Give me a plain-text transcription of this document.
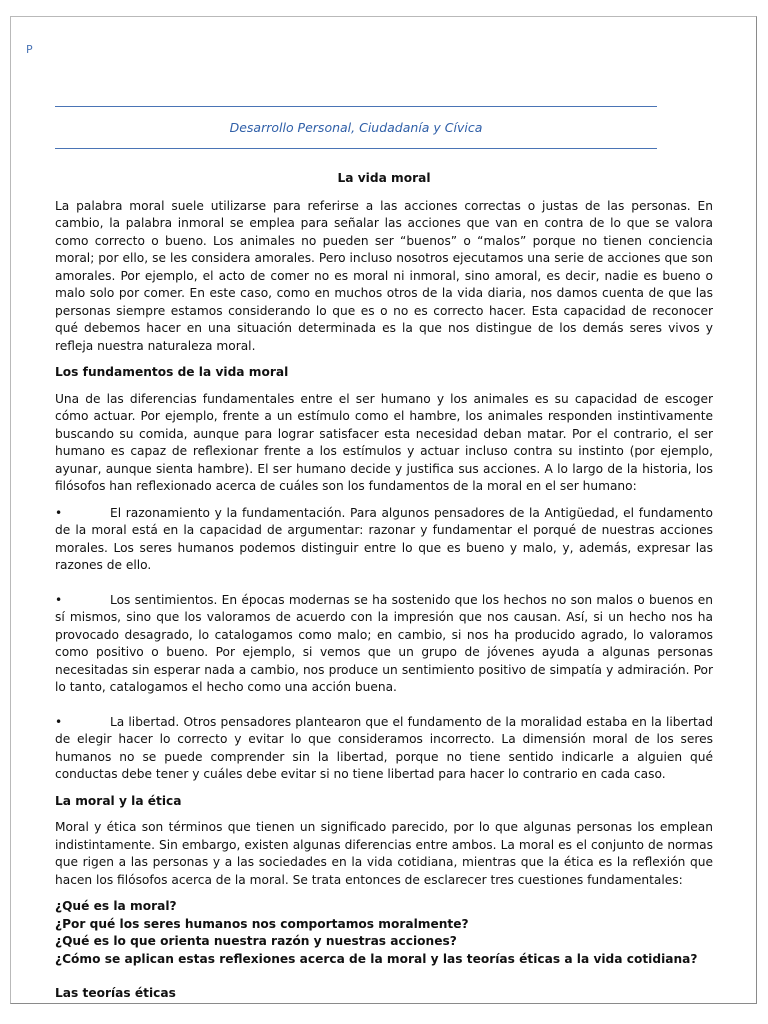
P
Desarrollo Personal, Ciudadanía y Cívica
La vida moral

La palabra moral suele utilizarse para referirse a las acciones correctas o justas de las personas. En cambio, la palabra inmoral se emplea para señalar las acciones que van en contra de lo que se valora como correcto o bueno. Los animales no pueden ser “buenos” o “malos” porque no tienen conciencia moral; por ello, se les considera amorales. Pero incluso nosotros ejecutamos una serie de acciones que son amorales. Por ejemplo, el acto de comer no es moral ni inmoral, sino amoral, es decir, nadie es bueno o malo solo por comer. En este caso, como en muchos otros de la vida diaria, nos damos cuenta de que las personas siempre estamos considerando lo que es o no es correcto hacer. Esta capacidad de reconocer qué debemos hacer en una situación determinada es la que nos distingue de los demás seres vivos y refleja nuestra naturaleza moral.

Los fundamentos de la vida moral

Una de las diferencias fundamentales entre el ser humano y los animales es su capacidad de escoger cómo actuar. Por ejemplo, frente a un estímulo como el hambre, los animales responden instintivamente buscando su comida, aunque para lograr satisfacer esta necesidad deban matar. Por el contrario, el ser humano es capaz de reflexionar frente a los estímulos y actuar incluso contra su instinto (por ejemplo, ayunar, aunque sienta hambre). El ser humano decide y justifica sus acciones. A lo largo de la historia, los filósofos han reflexionado acerca de cuáles son los fundamentos de la moral en el ser humano:

•	El razonamiento y la fundamentación. Para algunos pensadores de la Antigüedad, el fundamento de la moral está en la capacidad de argumentar: razonar y fundamentar el porqué de nuestras acciones morales. Los seres humanos podemos distinguir entre lo que es bueno y malo, y, además, expresar las razones de ello.
•	Los sentimientos. En épocas modernas se ha sostenido que los hechos no son malos o buenos en sí mismos, sino que los valoramos de acuerdo con la impresión que nos causan. Así, si un hecho nos ha provocado desagrado, lo catalogamos como malo; en cambio, si nos ha producido agrado, lo valoramos como positivo o bueno. Por ejemplo, si vemos que un grupo de jóvenes ayuda a algunas personas necesitadas sin esperar nada a cambio, nos produce un sentimiento positivo de simpatía y admiración. Por lo tanto, catalogamos el hecho como una acción buena.
•	La libertad. Otros pensadores plantearon que el fundamento de la moralidad estaba en la libertad de elegir hacer lo correcto y evitar lo que consideramos incorrecto. La dimensión moral de los seres humanos no se puede comprender sin la libertad, porque no tiene sentido indicarle a alguien qué conductas debe tener y cuáles debe evitar si no tiene libertad para hacer lo contrario en cada caso.
La moral y la ética

Moral y ética son términos que tienen un significado parecido, por lo que algunas personas los emplean indistintamente. Sin embargo, existen algunas diferencias entre ambos. La moral es el conjunto de normas que rigen a las personas y a las sociedades en la vida cotidiana, mientras que la ética es la reflexión que hacen los filósofos acerca de la moral. Se trata entonces de esclarecer tres cuestiones fundamentales:

¿Qué es la moral?
¿Por qué los seres humanos nos comportamos moralmente?
¿Qué es lo que orienta nuestra razón y nuestras acciones?
¿Cómo se aplican estas reflexiones acerca de la moral y las teorías éticas a la vida cotidiana?
Las teorías éticas
